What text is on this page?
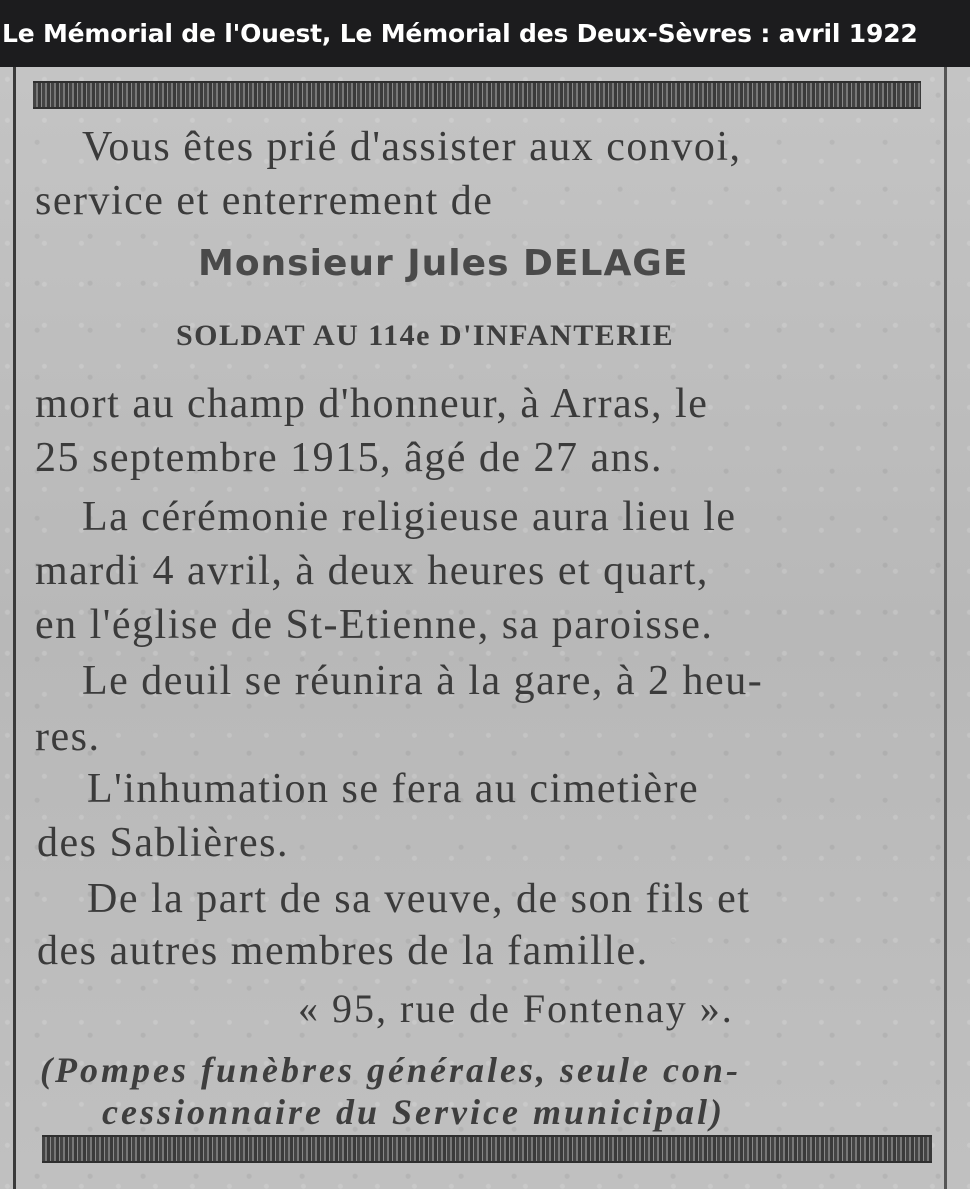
Le Mémorial de l'Ouest, Le Mémorial des Deux-Sèvres : avril 1922
Vous êtes prié d'assister aux convoi,
service et enterrement de
Monsieur Jules DELAGE
SOLDAT AU 114e D'INFANTERIE
mort au champ d'honneur, à Arras, le
25 septembre 1915, âgé de 27 ans.
La cérémonie religieuse aura lieu le
mardi 4 avril, à deux heures et quart,
en l'église de St-Etienne, sa paroisse.
Le deuil se réunira à la gare, à 2 heu-
res.
L'inhumation se fera au cimetière
des Sablières.
De la part de sa veuve, de son fils et
des autres membres de la famille.
« 95, rue de Fontenay ».
(Pompes funèbres générales, seule con-
cessionnaire du Service municipal)
